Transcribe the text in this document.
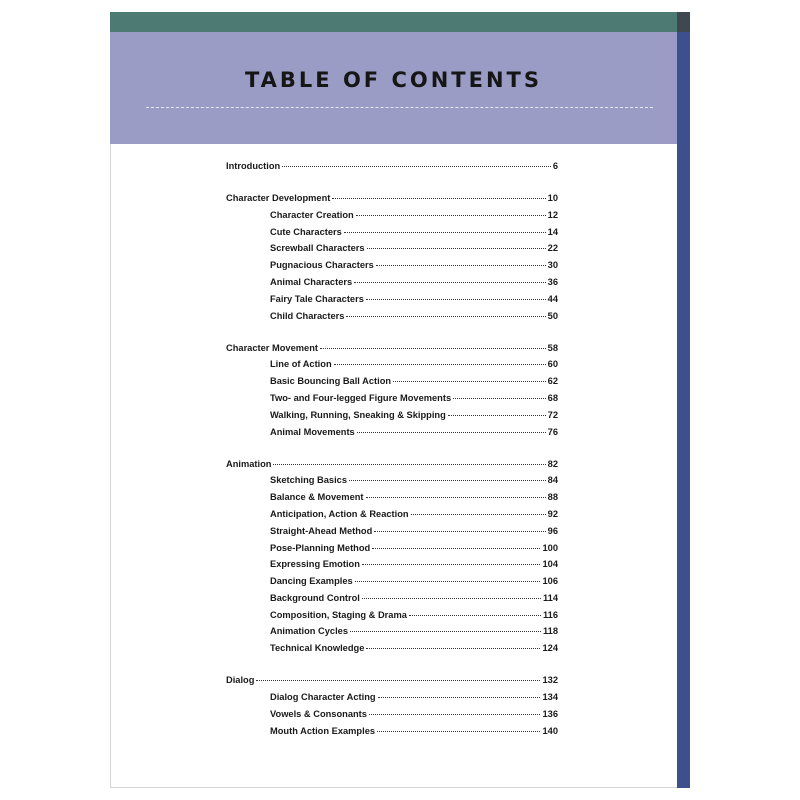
TABLE OF CONTENTS
Introduction	6
Character Development	10
Character Creation	12
Cute Characters	14
Screwball Characters	22
Pugnacious Characters	30
Animal Characters	36
Fairy Tale Characters	44
Child Characters	50
Character Movement	58
Line of Action	60
Basic Bouncing Ball Action	62
Two- and Four-legged Figure Movements	68
Walking, Running, Sneaking & Skipping	72
Animal Movements	76
Animation	82
Sketching Basics	84
Balance & Movement	88
Anticipation, Action & Reaction	92
Straight-Ahead Method	96
Pose-Planning Method	100
Expressing Emotion	104
Dancing Examples	106
Background Control	114
Composition, Staging & Drama	116
Animation Cycles	118
Technical Knowledge	124
Dialog	132
Dialog Character Acting	134
Vowels & Consonants	136
Mouth Action Examples	140
